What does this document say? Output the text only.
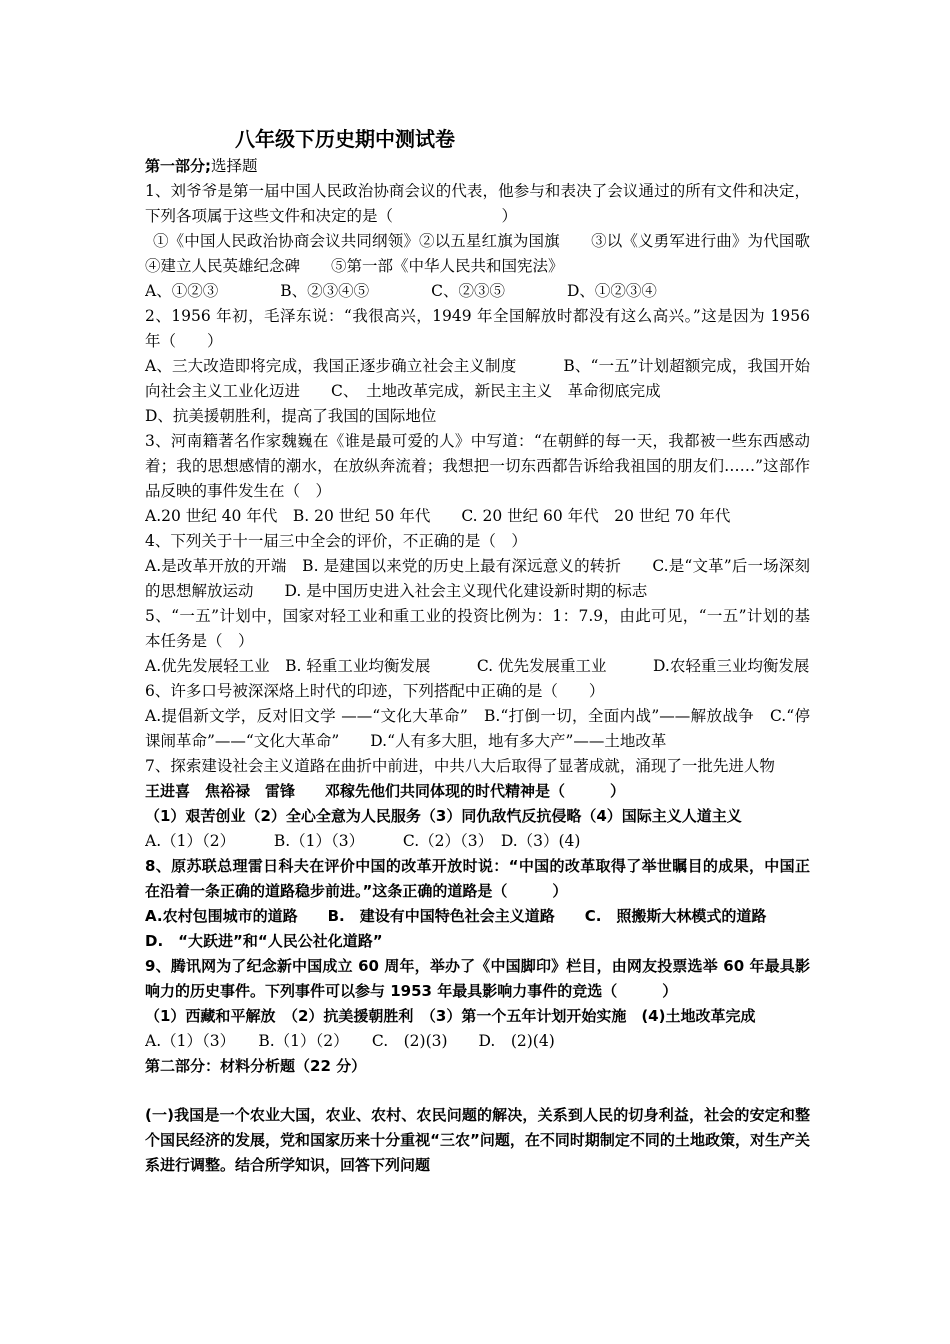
八年级下历史期中测试卷

第一部分;选择题

1、刘爷爷是第一届中国人民政治协商会议的代表，他参与和表决了会议通过的所有文件和决定，下列各项属于这些文件和决定的是（　　　　　　　）

①《中国人民政治协商会议共同纲领》②以五星红旗为国旗　　③以《义勇军进行曲》为代国歌　④建立人民英雄纪念碑　　⑤第一部《中华人民共和国宪法》

A、①②③　　　　B、②③④⑤　　　　C、②③⑤　　　　D、①②③④

2、1956 年初，毛泽东说：“我很高兴，1949 年全国解放时都没有这么高兴。”这是因为 1956 年（　　）

A、三大改造即将完成，我国正逐步确立社会主义制度　　　B、“一五”计划超额完成，我国开始向社会主义工业化迈进　　C、　土地改革完成，新民主主义　革命彻底完成

D、抗美援朝胜利，提高了我国的国际地位

3、河南籍著名作家魏巍在《谁是最可爱的人》中写道：“在朝鲜的每一天，我都被一些东西感动着；我的思想感情的潮水，在放纵奔流着；我想把一切东西都告诉给我祖国的朋友们……”这部作品反映的事件发生在（　）

A.20 世纪 40 年代　B. 20 世纪 50 年代　　C. 20 世纪 60 年代　20 世纪 70 年代

4、下列关于十一届三中全会的评价，不正确的是（　）

A.是改革开放的开端　B. 是建国以来党的历史上最有深远意义的转折　　C.是“文革”后一场深刻的思想解放运动　　D. 是中国历史进入社会主义现代化建设新时期的标志

5、“一五”计划中，国家对轻工业和重工业的投资比例为：1：7.9，由此可见，“一五”计划的基本任务是（　）

A.优先发展轻工业　B. 轻重工业均衡发展　　　C. 优先发展重工业　　　D.农轻重三业均衡发展

6、许多口号被深深烙上时代的印迹，下列搭配中正确的是（　　）

A.提倡新文学，反对旧文学 ——“文化大革命”　B.“打倒一切，全面内战”——解放战争　C.“停课闹革命”——“文化大革命”　　D.“人有多大胆，地有多大产”——土地改革

7、探索建设社会主义道路在曲折中前进，中共八大后取得了显著成就，涌现了一批先进人物

王进喜　焦裕禄　雷锋　　邓稼先他们共同体现的时代精神是（　　　）

（1）艰苦创业（2）全心全意为人民服务（3）同仇敌忾反抗侵略（4）国际主义人道主义

A.（1）（2）　　　B.（1）（3）　　　C.（2）（3）　D.（3）(4)

8、原苏联总理雷日科夫在评价中国的改革开放时说：“中国的改革取得了举世瞩目的成果，中国正在沿着一条正确的道路稳步前进。”这条正确的道路是（　　　）

A.农村包围城市的道路　　B.　建设有中国特色社会主义道路　　C.　照搬斯大林模式的道路

D.　“大跃进”和“人民公社化道路”

9、腾讯网为了纪念新中国成立 60 周年，举办了《中国脚印》栏目，由网友投票选举 60 年最具影响力的历史事件。下列事件可以参与 1953 年最具影响力事件的竞选（　　　）

（1）西藏和平解放　（2）抗美援朝胜利　（3）第一个五年计划开始实施　(4)土地改革完成

A.（1）（3）　　B.（1）（2）　　C.　(2)(3)　　D.　(2)(4)

第二部分：材料分析题（22 分）

(一)我国是一个农业大国，农业、农村、农民问题的解决，关系到人民的切身利益，社会的安定和整个国民经济的发展，党和国家历来十分重视“三农”问题，在不同时期制定不同的土地政策，对生产关系进行调整。结合所学知识，回答下列问题
